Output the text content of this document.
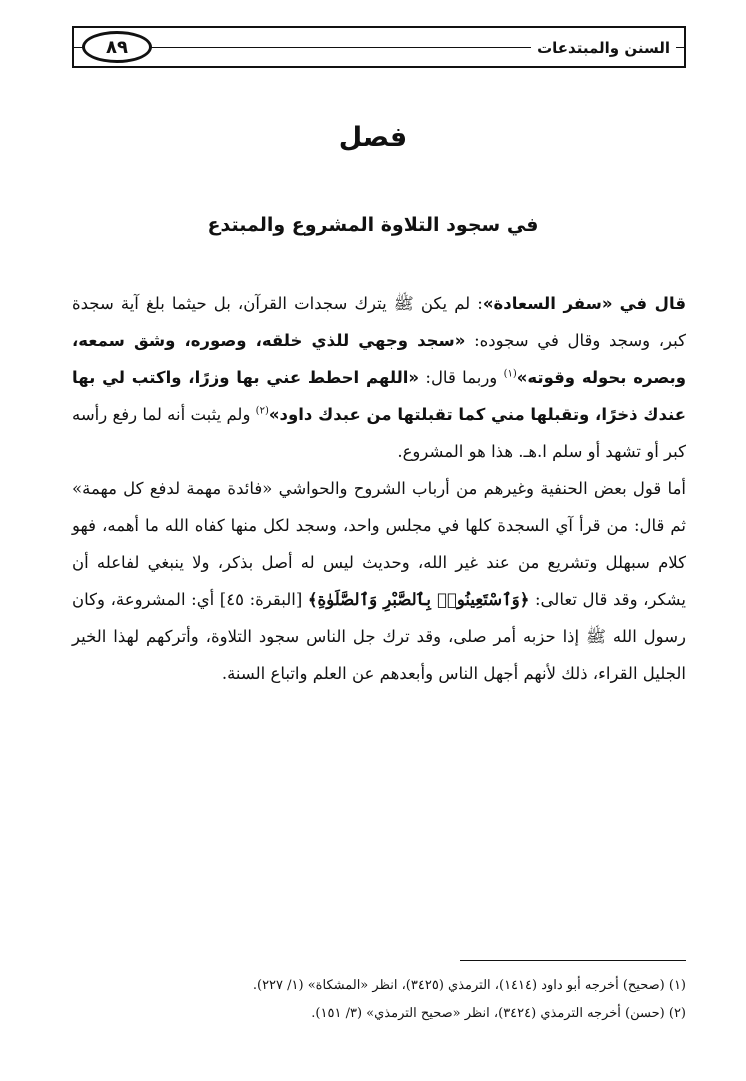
٨٩	السنن والمبتدعات
فصل
في سجود التلاوة المشروع والمبتدع

قال في «سفر السعادة»: لم يكن ﷺ يترك سجدات القرآن، بل حيثما بلغ آية سجدة كبر، وسجد وقال في سجوده: «سجد وجهي للذي خلقه، وصوره، وشق سمعه، وبصره بحوله وقوته»$^{(١)}$ وربما قال: «اللهم احطط عني بها وزرًا، واكتب لي بها عندك ذخرًا، وتقبلها مني كما تقبلتها من عبدك داود»$^{(٢)}$ ولم يثبت أنه لما رفع رأسه كبر أو تشهد أو سلم ا.هـ. هذا هو المشروع.

أما قول بعض الحنفية وغيرهم من أرباب الشروح والحواشي «فائدة مهمة لدفع كل مهمة» ثم قال: من قرأ آي السجدة كلها في مجلس واحد، وسجد لكل منها كفاه الله ما أهمه، فهو كلام سبهلل وتشريع من عند غير الله، وحديث ليس له أصل بذكر، ولا ينبغي لفاعله أن يشكر، وقد قال تعالى: ﴿وَٱسْتَعِينُوا۟ بِٱلصَّبْرِ وَٱلصَّلَوٰةِ﴾ [البقرة: ٤٥] أي: المشروعة، وكان رسول الله ﷺ إذا حزبه أمر صلى، وقد ترك جل الناس سجود التلاوة، وأتركهم لهذا الخير الجليل القراء، ذلك لأنهم أجهل الناس وأبعدهم عن العلم واتباع السنة.

(١) (صحيح) أخرجه أبو داود (١٤١٤)، الترمذي (٣٤٢٥)، انظر «المشكاة» (١/ ٢٢٧).

(٢) (حسن) أخرجه الترمذي (٣٤٢٤)، انظر «صحيح الترمذي» (٣/ ١٥١).
